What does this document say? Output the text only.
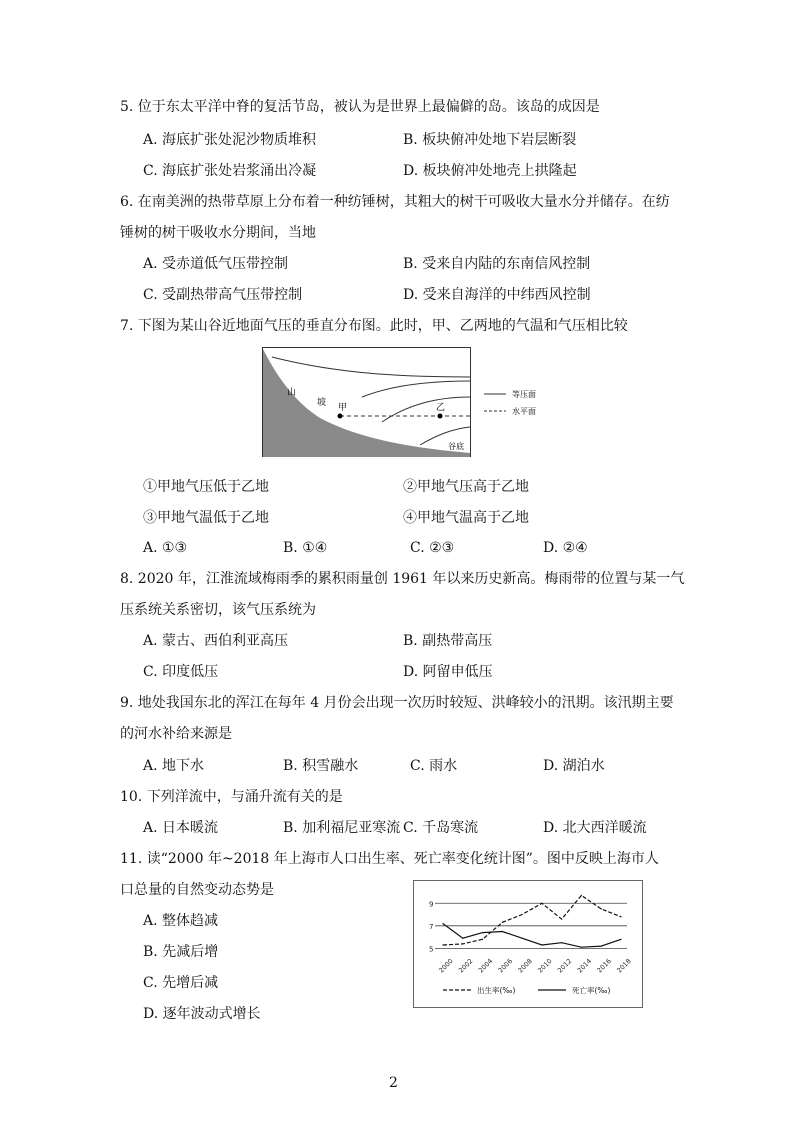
5. 位于东太平洋中脊的复活节岛，被认为是世界上最偏僻的岛。该岛的成因是
A. 海底扩张处泥沙物质堆积	B. 板块俯冲处地下岩层断裂
C. 海底扩张处岩浆涌出冷凝	D. 板块俯冲处地壳上拱隆起
6. 在南美洲的热带草原上分布着一种纺锤树，其粗大的树干可吸收大量水分并储存。在纺
锤树的树干吸收水分期间，当地
A. 受赤道低气压带控制	B. 受来自内陆的东南信风控制
C. 受副热带高气压带控制	D. 受来自海洋的中纬西风控制
7. 下图为某山谷近地面气压的垂直分布图。此时，甲、乙两地的气温和气压相比较
山
坡 甲	乙
谷底
等压面
水平面
①甲地气压低于乙地	②甲地气压高于乙地
③甲地气温低于乙地	④甲地气温高于乙地
A. ①③	B. ①④	C. ②③	D. ②④
8. 2020 年，江淮流域梅雨季的累积雨量创 1961 年以来历史新高。梅雨带的位置与某一气
压系统关系密切，该气压系统为
A. 蒙古、西伯利亚高压	B. 副热带高压
C. 印度低压	D. 阿留申低压
9. 地处我国东北的浑江在每年 4 月份会出现一次历时较短、洪峰较小的汛期。该汛期主要
的河水补给来源是
A. 地下水	B. 积雪融水	C. 雨水	D. 湖泊水
10. 下列洋流中，与涌升流有关的是
A. 日本暖流	B. 加利福尼亚寒流 C. 千岛寒流	D. 北大西洋暖流
11. 读“2000 年~2018 年上海市人口出生率、死亡率变化统计图”。图中反映上海市人
口总量的自然变动态势是
A. 整体趋减
B. 先减后增
C. 先增后减
D. 逐年波动式增长
9
7
5
2000 2002 2004 2006 2008 2010 2012 2014 2016 2018
出生率(‰)	死亡率(‰)
2
